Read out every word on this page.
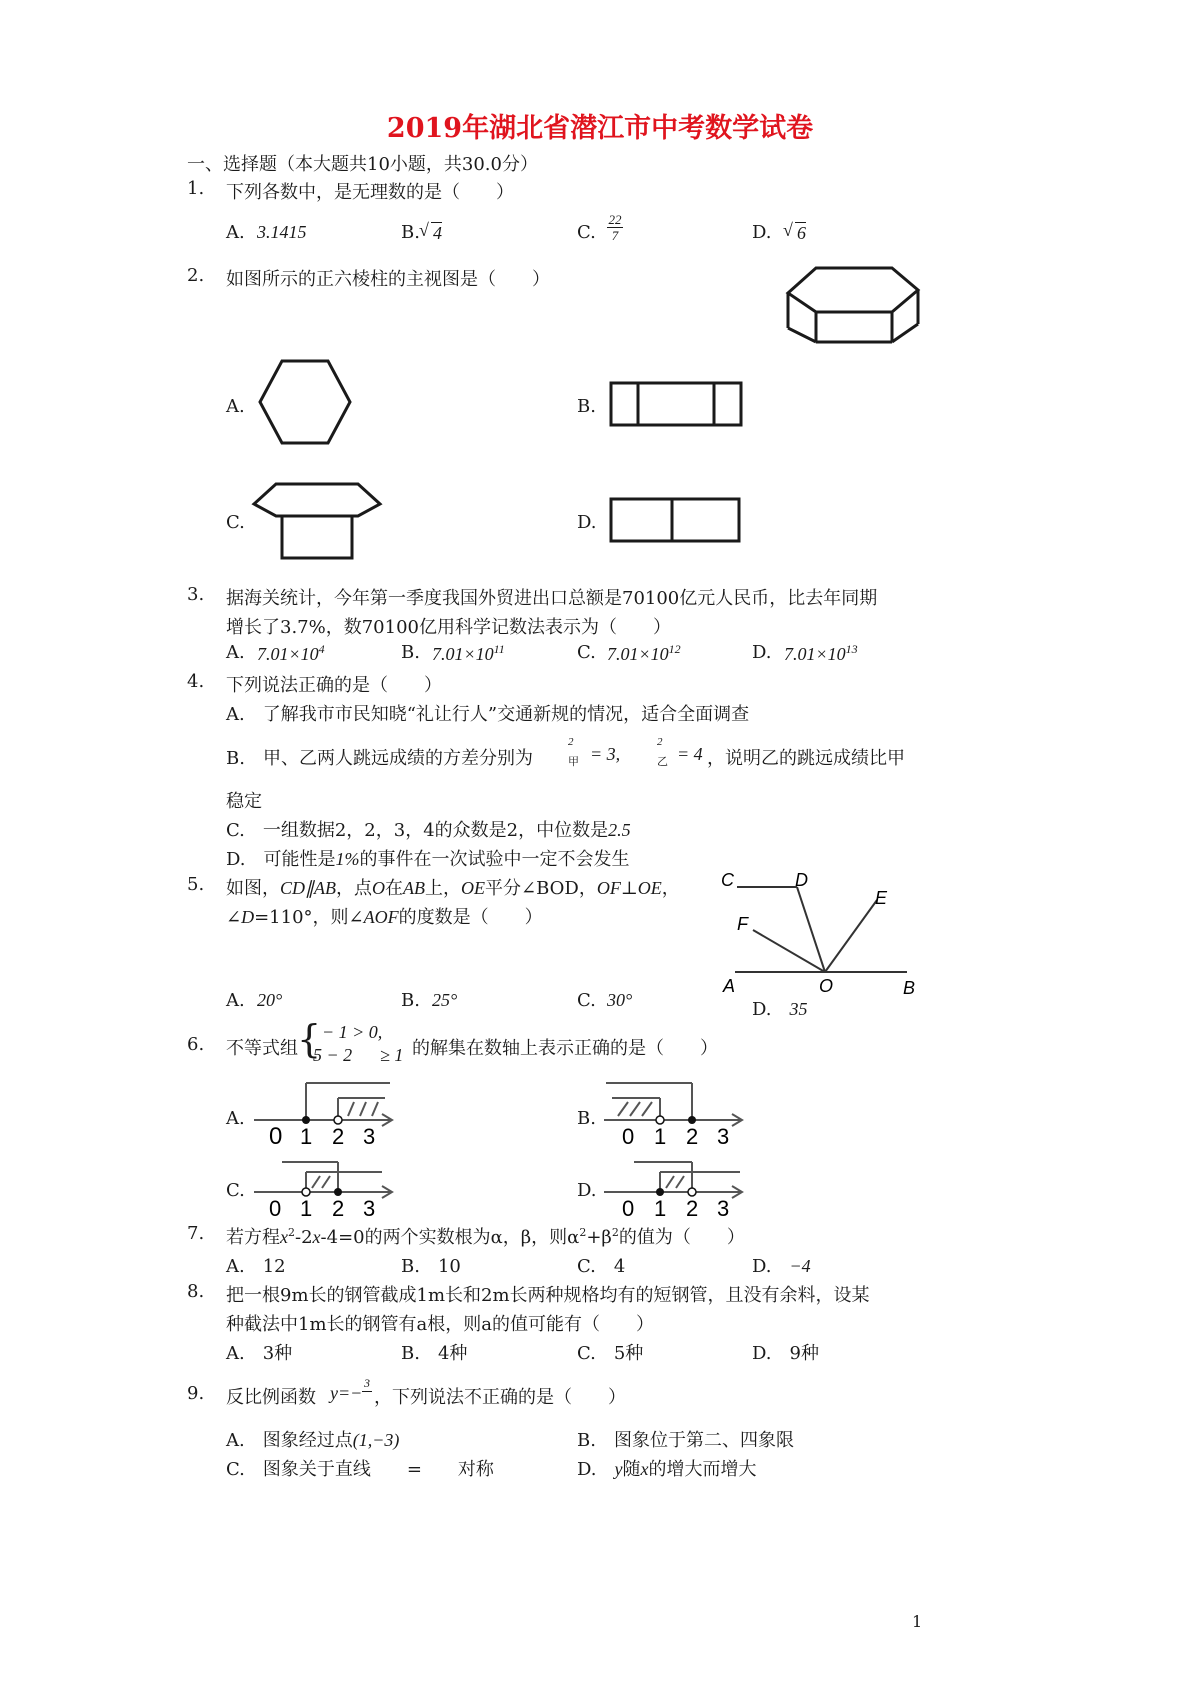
2019年湖北省潜江市中考数学试卷
一、选择题（本大题共10小题，共30.0分）
1. 下列各数中，是无理数的是（　　）
A. 3.1415	B. √ 4	C. $\frac{22}{7}$	D. √ 6
2. 如图所示的正六棱柱的主视图是（　　）
A.	B.
C.	D.
3. 据海关统计，今年第一季度我国外贸进出口总额是70100亿元人民币，比去年同期
增长了3.7%，数70100亿用科学记数法表示为（　　）
A. $7.01\times 10^4$	B. $7.01\times 10^{11}$	C. $7.01\times 10^{12}$	D. $7.01\times 10^{13}$
4. 下列说法正确的是（　　）
A.　了解我市市民知晓“礼让行人”交通新规的情况，适合全面调查
B.　甲、乙两人跳远成绩的方差分别为
2
甲 = 3,
2
乙 = 4 ，说明乙的跳远成绩比甲
稳定
C.　一组数据2，2，3，4的众数是2，中位数是2.5
D.　可能性是1%的事件在一次试验中一定不会发生
5. 如图，CD∥AB，点O在AB上，OE平分∠BOD，OF⊥OE，
∠D=110°，则∠AOF的度数是（　　）
C	D
E
F
A	O	B
A. 20°	B. 25°	C. 30°	D.　 35
6. 不等式组 { − 1 > 0,
5 − 2 ≥ 1 的解集在数轴上表示正确的是（　　）
A.	B.
C.	D.
0 1 2 3	0 1 2 3
0 1 2 3	0 1 2 3
7. 若方程$x^2-2x-4=0$的两个实数根为α，β，则$\alpha^2+\beta^2$的值为（　　）
A.　12	B.　10	C.　4	D.　 −4
8. 把一根9m长的钢管截成1m长和2m长两种规格均有的短钢管，且没有余料，设某
种截法中1m长的钢管有a根，则a的值可能有（　　）
A.　3种	B.　4种	C.　5种	D.　9种
9. 反比例函数 y=− 3
，下列说法不正确的是（　　）
A.　图象经过点(1,−3)	B.　图象位于第二、四象限
C.　图象关于直线　　=　　对称	D.　 y随x的增大而增大
1
